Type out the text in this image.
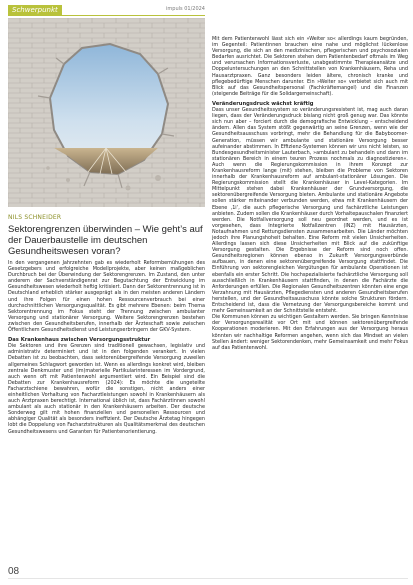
Schwerpunkt	impuls 01/2024
NILS SCHNEIDER
Sektorengrenzen überwinden – Wie geht’s auf der Dauerbaustelle im deutschen Gesundheitswesen voran?

In den vergangenen Jahrzehnten gab es wiederholt Reformbemühungen des Gesetzgebers und erfolgreiche Modellprojekte, aber keinen maßgeblichen Durchbruch bei der Überwindung der Sektorengrenzen. Im Zustand, den unter anderem der Sachverständigenrat zur Begutachtung der Entwicklung im Gesundheitswesen wiederholt heftig kritisiert. Dann der Sektorentrennung ist in Deutschland erheblich stärker ausgeprägt als in den meisten anderen Ländern und ihre Folgen für einen hohen Ressourcenverbrauch bei einer durchschnittlichen Versorgungsqualität. Es gibt mehrere Ebenen: beim Thema Sektorentrennung im Fokus steht der Trennung zwischen ambulanter Versorgung und stationärer Versorgung. Weitere Sektorengrenzen bestehen zwischen den Gesundheitsberufen, innerhalb der Ärzteschaft sowie zwischen Öffentlichem Gesundheitsdienst und Leistungserbringern der GKV-System.

Das Krankenhaus zwischen Versorgungsstruktur

Die Sektoren und ihre Grenzen sind traditionell gewachsen, legislativ und administrativ determiniert und ist in den folgenden verankert. In vielen Debatten ist zu beobachten, dass sektorenübergreifende Versorgung zuweilen allgemeines Schlagwort geworden ist. Wenn es allerdings konkret wird, bleiben zentrale Denkmuster und (im)materielle Partikularinteressen im Vordergrund, auch wenn oft mit Patientenwohl argumentiert wird. Ein Beispiel sind die Debatten zur Krankenhausreform (2024): Es möchte die ungeteilte Facharztschiene bewahren, wofür die sonstigen, nicht anders einer einheitlichen Vorhaltung von Facharztleistungen sowohl in Krankenhäusern als auch Arztpraxen berechtigt. International üblich ist, dass Fachärztinnen sowohl ambulant als auch stationär in den Krankenhäusern arbeiten. Der deutsche Sonderweg gilt mit hohen finanziellen und personellen Ressourcen und abhängiger Qualität als besonders ineffizient. Der Deutsche Ärztetag hingegen lobt die Doppelung von Facharztstrukturen als Qualitätsmerkmal des deutschen Gesundheitswesens und Garanten für Patientenorientierung.

Mit dem Patientenwohl lässt sich ein »Weiter so« allerdings kaum begründen, im Gegenteil: Patientinnen brauchen eine nahe und möglichst lückenlose Versorgung, die sich an den medizinischen, pflegerischen und psychosozialen Bedarfen ausrichtet. Die Sektoren stehen dem Patientenbedarf oftmals im Weg und verursachen Informationsverluste, unabgestimmte Therapieansätze und Doppeluntersuchungen an den Schnittstellen von Krankenhäusern, Reha und Hausarztpraxen. Ganz besonders leiden ältere, chronisch kranke und pflegebedürftige Menschen darunter. Ein »Weiter so« verbietet sich auch mit Blick auf das Gesundheitspersonal (Fachkräftemangel) und die Finanzen (steigende Beiträge für die Solidargemeinschaft).

Veränderungsdruck wächst kräftig

Dass unser Gesundheitssystem so veränderungsresistent ist, mag auch daran liegen, dass der Veränderungsdruck bislang nicht groß genug war. Das könnte sich nun aber – forciert durch die demografische Entwicklung – entscheidend ändern. Allen das System stößt gegenwärtig an seine Grenzen, wenn wie der Gesundheitsausschuss vorbringt, mehr die Behandlung für die Babyboomer-Generation, müssen wir ambulante und stationäre Versorgung besser aufeinander abstimmen. In Effizienz-Systemen können wir uns nicht leisten, so Bundesgesundheitsminister Lauterbach, »ambulant zu behandeln und dann im stationären Bereich in einem teuren Prozess nochmals zu diagnostizieren«. Auch wenn die Regierungskommission in ihrem Konzept zur Krankenhausreform lange (mit) stehen, bleiben die Probleme von Sektoren innerhalb der Krankenhausreform auf ambulant-stationärer Lösungen. Die Regierungskommission stellt die Krankenhäuser in Level-Kategorien. Im Mittelpunkt stehen dabei Krankenhäuser der Grundversorgung, die sektorenübergreifende Versorgung bieten. Ambulante und stationäre Angebote sollen stärker miteinander verbunden werden, etwa mit Krankenhäusern der Ebene ‚1i‘, die auch pflegerische Versorgung und fachärztliche Leistungen anbieten. Zudem sollen die Krankenhäuser durch Vorhaltepauschalen finanziert werden. Die Notfallversorgung soll neu geordnet werden, und es ist vorgesehen, dass Integrierte Notfallzentren (INZ) mit Hausärzten, Notaufnahmen und Rettungsdiensten zusammenarbeiten. Die Länder möchten jedoch ihre Planungshoheit behalten. Eine Reform mit vielen Unsicherheiten. Allerdings lassen sich diese Unsicherheiten mit Blick auf die zukünftige Versorgung gestalten. Die Ergebnisse der Reform sind noch offen. Gesundheitsregionen können ebenso in Zukunft Versorgungsverbünde aufbauen, in denen eine sektorenübergreifende Versorgung stattfindet. Die Einführung von sektorengleichen Vergütungen für ambulante Operationen ist ebenfalls ein erster Schritt. Die hochspezialisierte fachärztliche Versorgung soll ausschließlich in Krankenhäusern stattfinden, in denen die Fachärzte die Anforderungen erfüllen. Die Regionalen Gesundheitszentren könnten eine enge Verzahnung mit Hausärzten, Pflegediensten und anderen Gesundheitsberufen herstellen, und der Gesundheitsausschuss könnte solche Strukturen fördern. Entscheidend ist, dass die Vernetzung der Versorgungsbereiche kommt und mehr Gemeinsamkeit an der Schnittstelle entsteht.

Die Kommunen können zu wichtigen Gestaltern werden. Sie bringen Kenntnisse der Versorgungsrealität vor Ort mit und können sektorenübergreifende Kooperationen moderieren. Mit den Erfahrungen aus der Versorgung heraus könnten wir nachhaltige Reformen angehen, wenn sich das Mindset an vielen Stellen ändert: weniger Sektorendenken, mehr Gemeinsamkeit und mehr Fokus auf das Patientenwohl.

08
